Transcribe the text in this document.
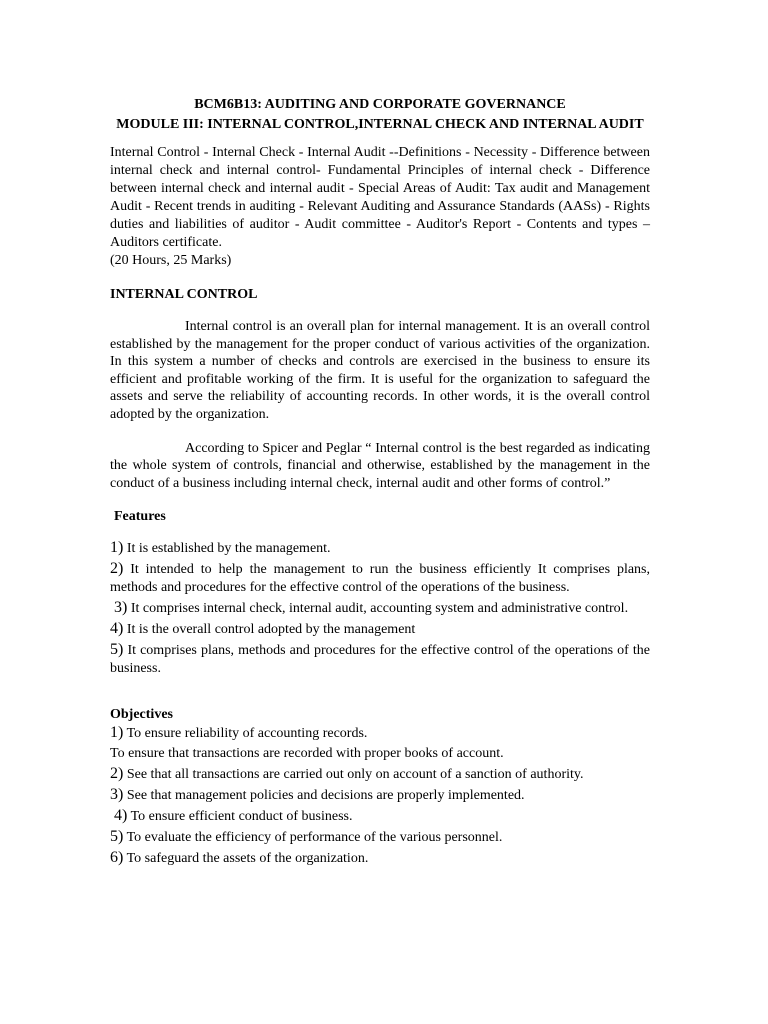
BCM6B13: AUDITING AND CORPORATE GOVERNANCE
MODULE III: INTERNAL CONTROL,INTERNAL CHECK AND INTERNAL AUDIT

Internal Control - Internal Check - Internal Audit --Definitions - Necessity - Difference between internal check and internal control- Fundamental Principles of internal check - Difference between internal check and internal audit - Special Areas of Audit: Tax audit and Management Audit - Recent trends in auditing - Relevant Auditing and Assurance Standards (AASs) - Rights duties and liabilities of auditor - Audit committee - Auditor's Report - Contents and types –Auditors certificate.

(20 Hours, 25 Marks)

INTERNAL CONTROL

Internal control is an overall plan for internal management. It is an overall control established by the management for the proper conduct of various activities of the organization. In this system a number of checks and controls are exercised in the business to ensure its efficient and profitable working of the firm. It is useful for the organization to safeguard the assets and serve the reliability of accounting records. In other words, it is the overall control adopted by the organization.

According to Spicer and Peglar “ Internal control is the best regarded as indicating the whole system of controls, financial and otherwise, established by the management in the conduct of a business including internal check, internal audit and other forms of control.”

Features
1) It is established by the management.
2) It intended to help the management to run the business efficiently It comprises plans, methods and procedures for the effective control of the operations of the business.
3) It comprises internal check, internal audit, accounting system and administrative control.
4) It is the overall control adopted by the management
5) It comprises plans, methods and procedures for the effective control of the operations of the business.
Objectives
1) To ensure reliability of accounting records.
To ensure that transactions are recorded with proper books of account.
2) See that all transactions are carried out only on account of a sanction of authority.
3) See that management policies and decisions are properly implemented.
4) To ensure efficient conduct of business.
5) To evaluate the efficiency of performance of the various personnel.
6) To safeguard the assets of the organization.
